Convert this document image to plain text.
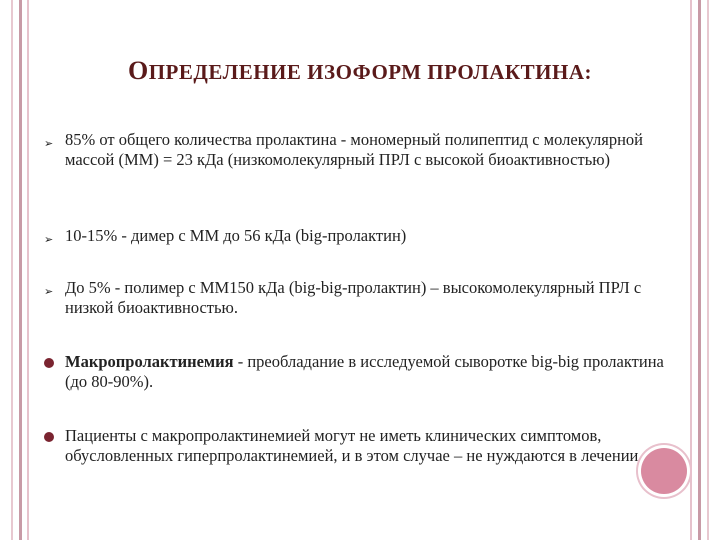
ОПРЕДЕЛЕНИЕ ИЗОФОРМ ПРОЛАКТИНА:
➢ 85% от общего количества пролактина - мономерный полипептид с молекулярной массой (ММ) = 23 кДа (низкомолекулярный ПРЛ с высокой биоактивностью)
➢ 10-15% - димер с ММ до 56 кДа (big-пролактин)
➢ До 5% - полимер с ММ150 кДа (big-big-пролактин) – высокомолекулярный ПРЛ с низкой биоактивностью.
Макропролактинемия - преобладание в исследуемой сыворотке big-big пролактина (до 80-90%).
Пациенты с макропролактинемией могут не иметь клинических симптомов, обусловленных гиперпролактинемией, и в этом случае – не нуждаются в лечении.
